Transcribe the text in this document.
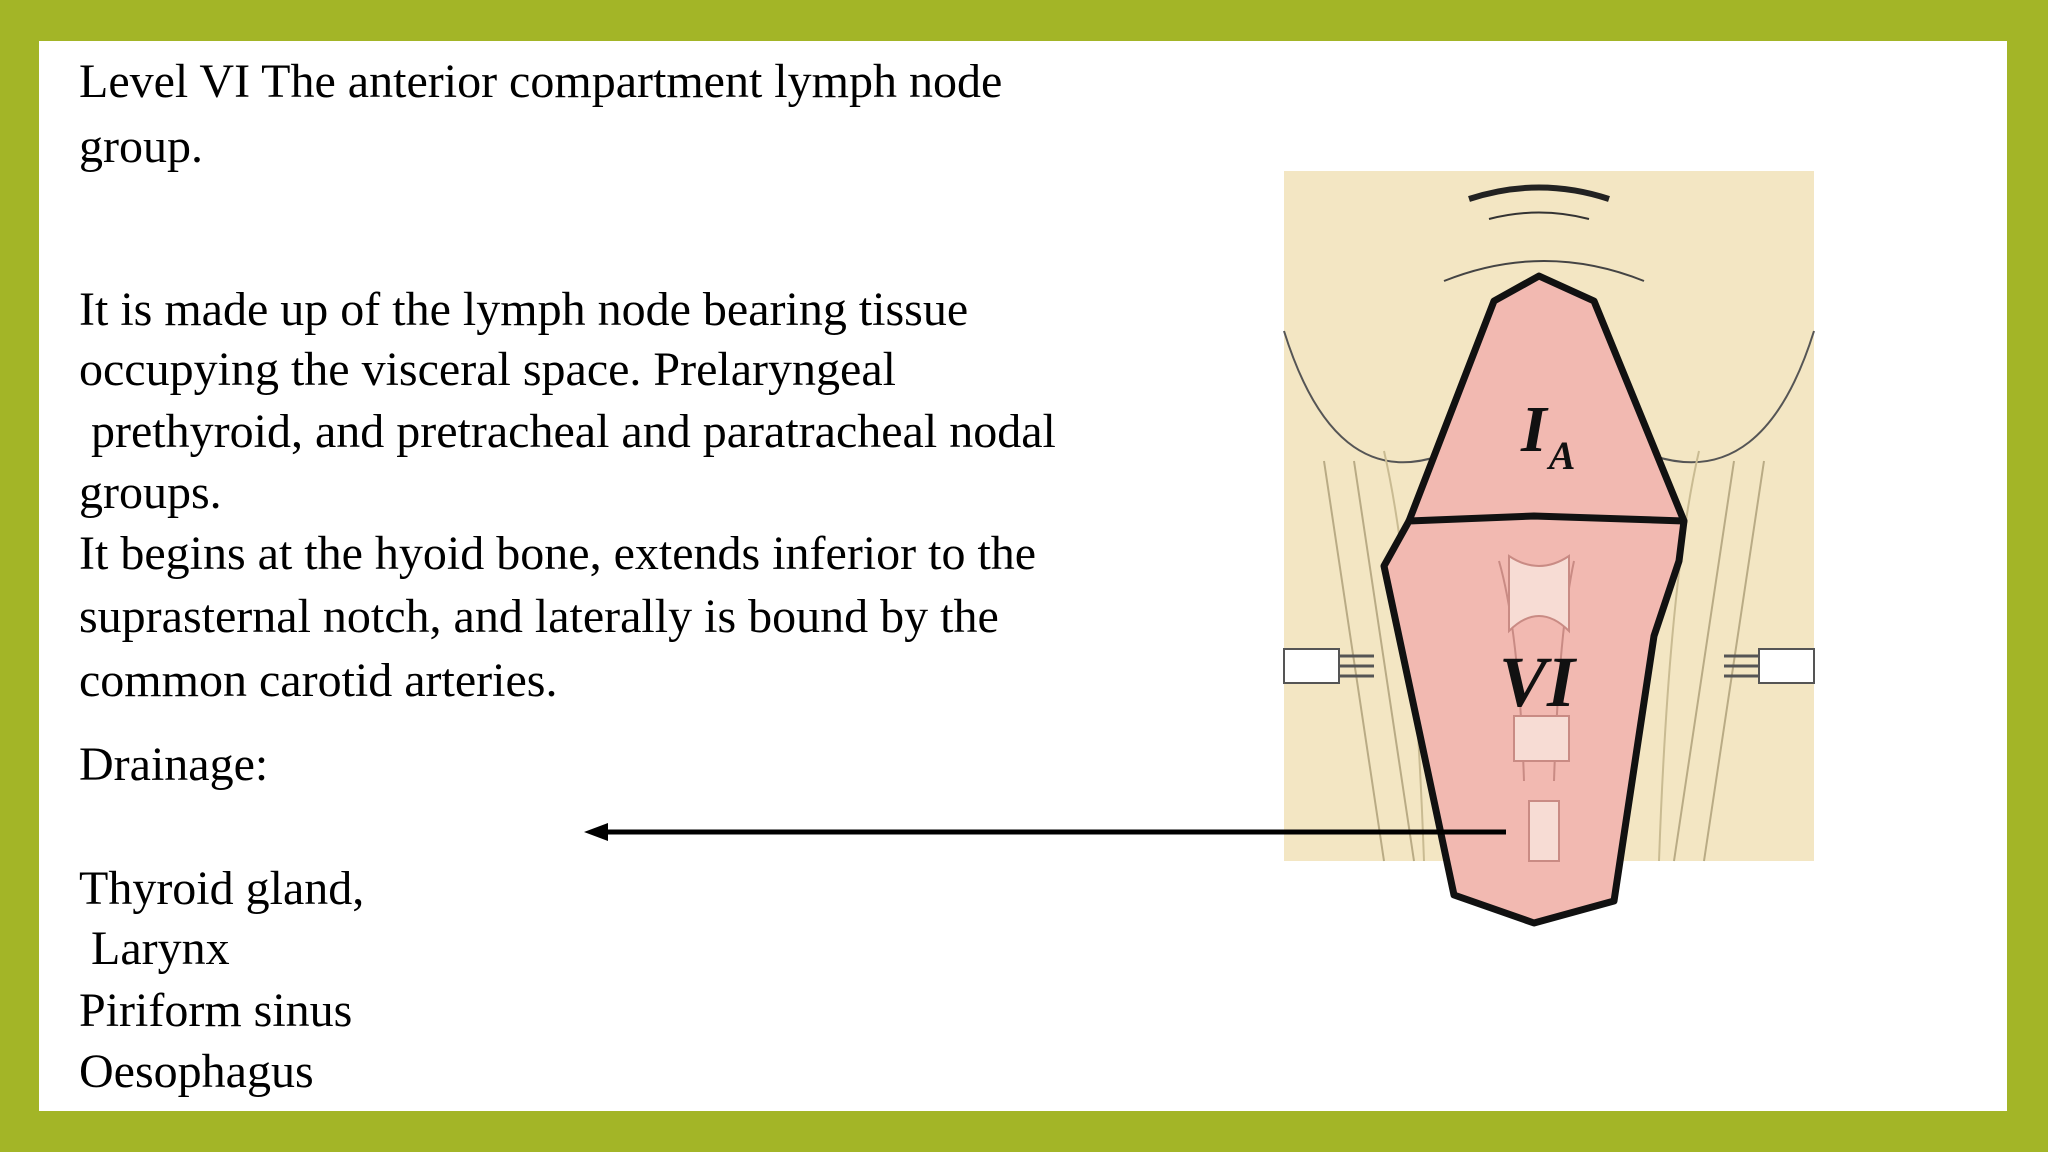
Level VI The anterior compartment lymph node
group.
It is made up of the lymph node bearing tissue
occupying the visceral space. Prelaryngeal
prethyroid, and pretracheal and paratracheal nodal
groups.
It begins at the hyoid bone, extends inferior to the
suprasternal notch, and laterally is bound by the
common carotid arteries.
Drainage:
Thyroid gland,
Larynx
Piriform sinus
Oesophagus
$I_A$
VI
